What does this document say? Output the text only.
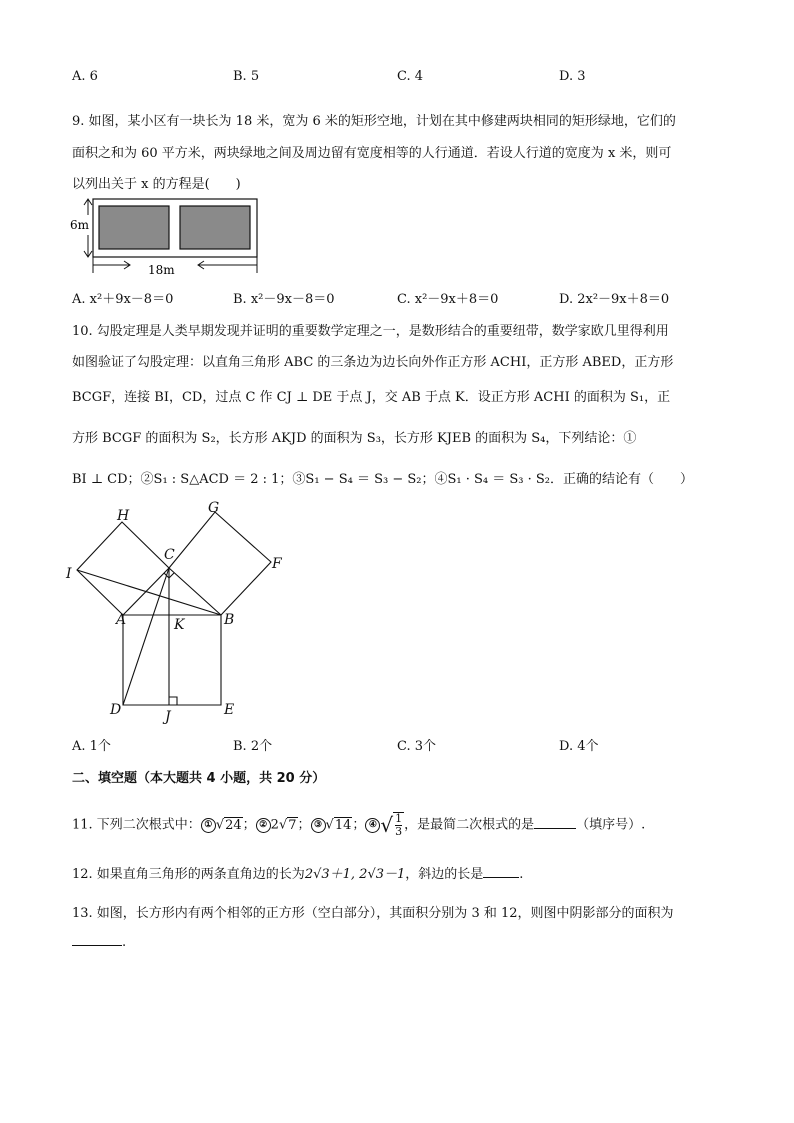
A. 6	B. 5	C. 4	D. 3
9. 如图，某小区有一块长为 18 米，宽为 6 米的矩形空地，计划在其中修建两块相同的矩形绿地，它们的
面积之和为 60 平方米，两块绿地之间及周边留有宽度相等的人行通道．若设人行道的宽度为 x 米，则可
以列出关于 x 的方程是(　　)
6m
18m
A. x²＋9x－8＝0	B. x²－9x－8＝0	C. x²－9x＋8＝0	D. 2x²－9x＋8＝0
10. 勾股定理是人类早期发现并证明的重要数学定理之一，是数形结合的重要纽带，数学家欧几里得利用
如图验证了勾股定理：以直角三角形 ABC 的三条边为边长向外作正方形 ACHI，正方形 ABED，正方形
BCGF，连接 BI，CD，过点 C 作 CJ ⊥ DE 于点 J，交 AB 于点 K．设正方形 ACHI 的面积为 S₁，正
方形 BCGF 的面积为 S₂，长方形 AKJD 的面积为 S₃，长方形 KJEB 的面积为 S₄，下列结论：①
BI ⊥ CD；②S₁ : S△ACD ＝ 2 : 1；③S₁ − S₄ ＝ S₃ − S₂；④S₁ · S₄ ＝ S₃ · S₂．正确的结论有（　　）
H	G
C
F
I
A	K	B
D	J	E
A. 1个	B. 2个	C. 3个	D. 4个
二、填空题（本大题共 4 小题，共 20 分）
11. 下列二次根式中： ① √24； ② 2√7； ③ √14； ④ √ $\frac{1}{3}$ ，是最简二次根式的是	（填序号）.
12. 如果直角三角形的两条直角边的长为2√3＋1, 2√3－1，斜边的长是	.
13. 如图，长方形内有两个相邻的正方形（空白部分），其面积分别为 3 和 12，则图中阴影部分的面积为
.
